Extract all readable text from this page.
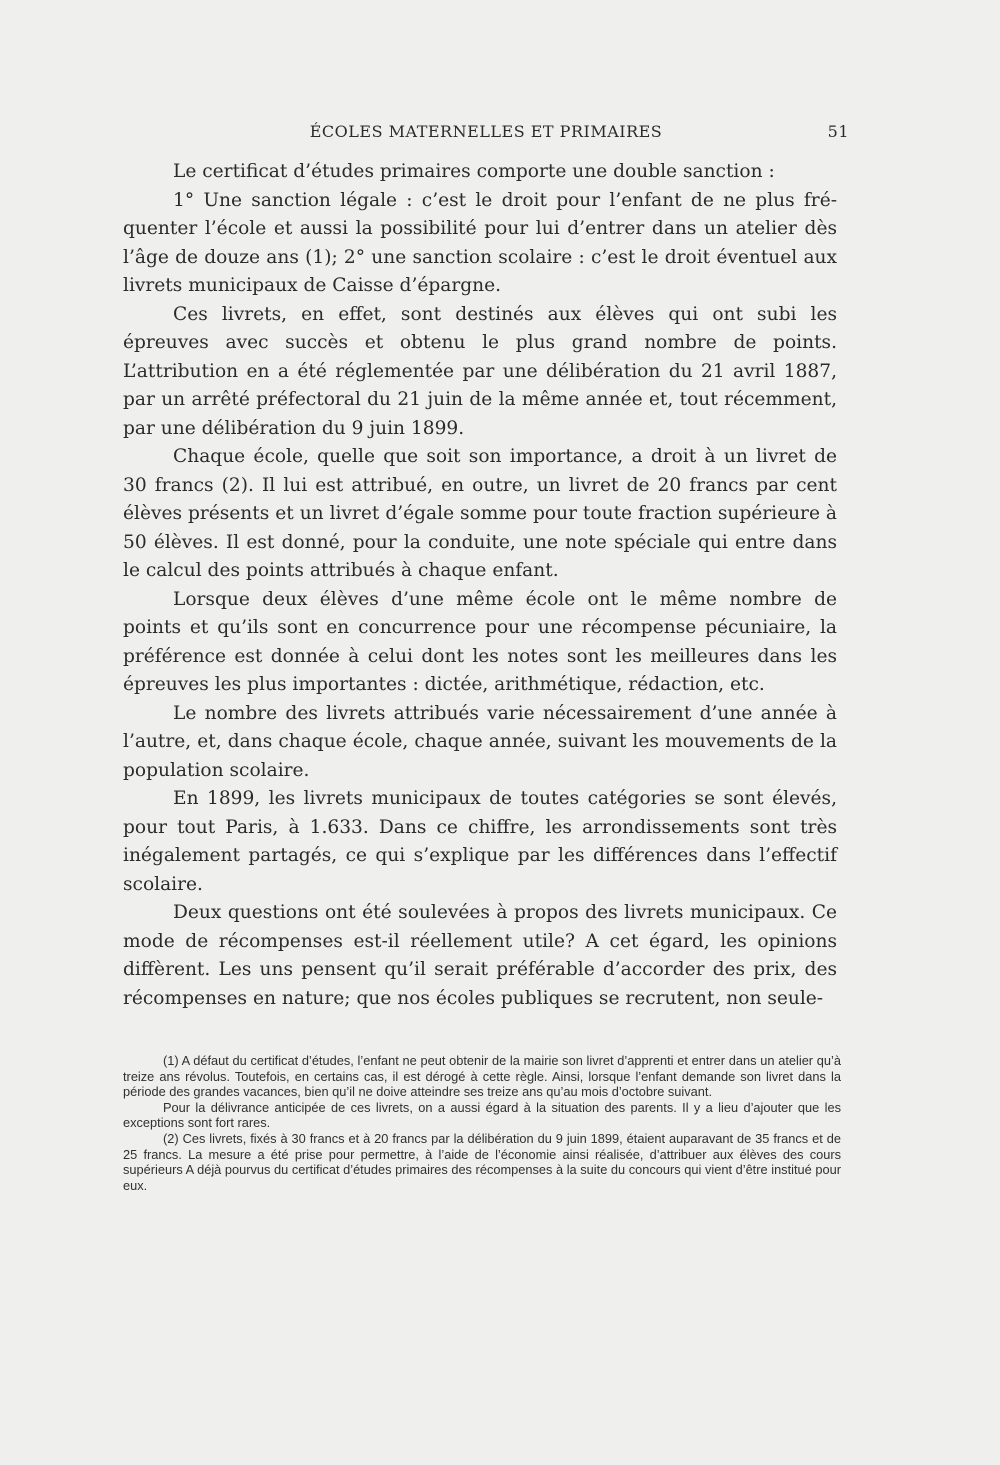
ÉCOLES MATERNELLES ET PRIMAIRES	51

Le certificat d’études primaires comporte une double sanction :

1° Une sanction légale : c’est le droit pour l’enfant de ne plus fréquenter l’école et aussi la possibilité pour lui d’entrer dans un atelier dès l’âge de douze ans (1); 2° une sanction scolaire : c’est le droit éventuel aux livrets municipaux de Caisse d’épargne.

Ces livrets, en effet, sont destinés aux élèves qui ont subi les épreuves avec succès et obtenu le plus grand nombre de points. L’attribution en a été réglementée par une délibération du 21 avril 1887, par un arrêté préfectoral du 21 juin de la même année et, tout récemment, par une délibération du 9 juin 1899.

Chaque école, quelle que soit son importance, a droit à un livret de 30 francs (2). Il lui est attribué, en outre, un livret de 20 francs par cent élèves présents et un livret d’égale somme pour toute fraction supérieure à 50 élèves. Il est donné, pour la conduite, une note spéciale qui entre dans le calcul des points attribués à chaque enfant.

Lorsque deux élèves d’une même école ont le même nombre de points et qu’ils sont en concurrence pour une récompense pécuniaire, la préférence est donnée à celui dont les notes sont les meilleures dans les épreuves les plus importantes : dictée, arithmétique, rédaction, etc.

Le nombre des livrets attribués varie nécessairement d’une année à l’autre, et, dans chaque école, chaque année, suivant les mouvements de la population scolaire.

En 1899, les livrets municipaux de toutes catégories se sont élevés, pour tout Paris, à 1.633. Dans ce chiffre, les arrondissements sont très inégalement partagés, ce qui s’explique par les différences dans l’effectif scolaire.

Deux questions ont été soulevées à propos des livrets municipaux. Ce mode de récompenses est-il réellement utile? A cet égard, les opinions diffèrent. Les uns pensent qu’il serait préférable d’accorder des prix, des récompenses en nature; que nos écoles publiques se recrutent, non seule-

(1) A défaut du certificat d’études, l’enfant ne peut obtenir de la mairie son livret d’apprenti et entrer dans un atelier qu’à treize ans révolus. Toutefois, en certains cas, il est dérogé à cette règle. Ainsi, lorsque l’enfant demande son livret dans la période des grandes vacances, bien qu’il ne doive atteindre ses treize ans qu’au mois d’octobre suivant.

Pour la délivrance anticipée de ces livrets, on a aussi égard à la situation des parents. Il y a lieu d’ajouter que les exceptions sont fort rares.

(2) Ces livrets, fixés à 30 francs et à 20 francs par la délibération du 9 juin 1899, étaient auparavant de 35 francs et de 25 francs. La mesure a été prise pour permettre, à l’aide de l’économie ainsi réalisée, d’attribuer aux élèves des cours supérieurs A déjà pourvus du certificat d’études primaires des récompenses à la suite du concours qui vient d’être institué pour eux.
